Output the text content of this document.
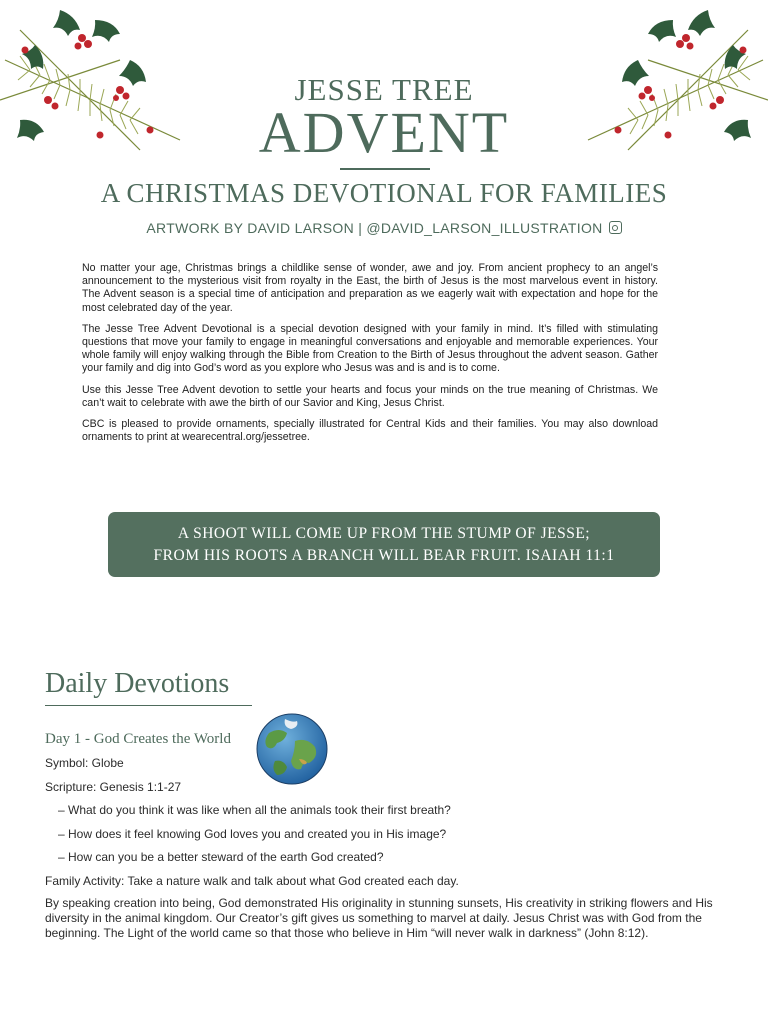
JESSE TREE
ADVENT
A CHRISTMAS DEVOTIONAL FOR FAMILIES
ARTWORK BY DAVID LARSON | @DAVID_LARSON_ILLUSTRATION

No matter your age, Christmas brings a childlike sense of wonder, awe and joy. From ancient prophecy to an angel’s announcement to the mysterious visit from royalty in the East, the birth of Jesus is the most marvelous event in history. The Advent season is a special time of anticipation and preparation as we eagerly wait with expectation and hope for the most celebrated day of the year.

The Jesse Tree Advent Devotional is a special devotion designed with your family in mind. It’s filled with stimulating questions that move your family to engage in meaningful conversations and enjoyable and memorable experiences. Your whole family will enjoy walking through the Bible from Creation to the Birth of Jesus throughout the advent season. Gather your family and dig into God’s word as you explore who Jesus was and is and is to come.

Use this Jesse Tree Advent devotion to settle your hearts and focus your minds on the true meaning of Christmas. We can’t wait to celebrate with awe the birth of our Savior and King, Jesus Christ.

CBC is pleased to provide ornaments, specially illustrated for Central Kids and their families. You may also download ornaments to print at wearecentral.org/jessetree.

A SHOOT WILL COME UP FROM THE STUMP OF JESSE;
FROM HIS ROOTS A BRANCH WILL BEAR FRUIT. ISAIAH 11:1
Daily Devotions
Day 1 - God Creates the World
Symbol: Globe
Scripture: Genesis 1:1-27
– What do you think it was like when all the animals took their first breath?
– How does it feel knowing God loves you and created you in His image?
– How can you be a better steward of the earth God created?
Family Activity: Take a nature walk and talk about what God created each day.
By speaking creation into being, God demonstrated His originality in stunning sunsets, His creativity in striking flowers and His diversity in the animal kingdom. Our Creator’s gift gives us something to marvel at daily. Jesus Christ was with God from the beginning. The Light of the world came so that those who believe in Him “will never walk in darkness” (John 8:12).
